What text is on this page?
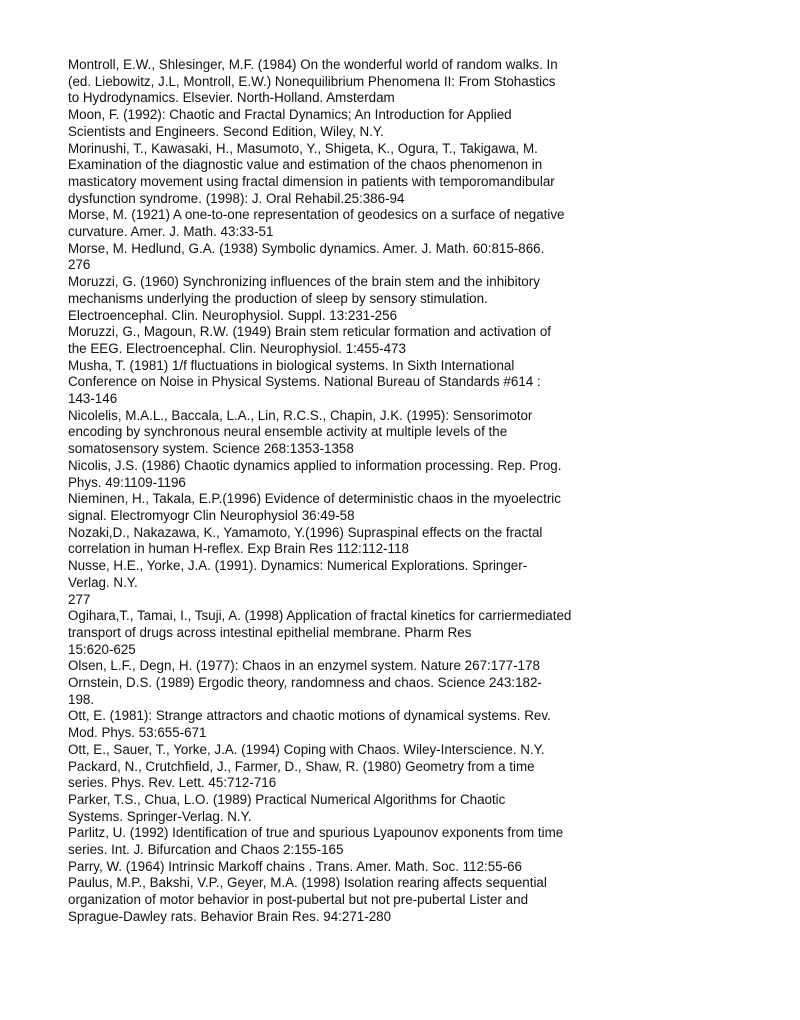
Montroll, E.W., Shlesinger, M.F. (1984) On the wonderful world of random walks. In
(ed. Liebowitz, J.L, Montroll, E.W.) Nonequilibrium Phenomena II: From Stohastics
to Hydrodynamics. Elsevier. North-Holland. Amsterdam
Moon, F. (1992): Chaotic and Fractal Dynamics; An Introduction for Applied
Scientists and Engineers. Second Edition, Wiley, N.Y.
Morinushi, T., Kawasaki, H., Masumoto, Y., Shigeta, K., Ogura, T., Takigawa, M.
Examination of the diagnostic value and estimation of the chaos phenomenon in
masticatory movement using fractal dimension in patients with temporomandibular
dysfunction syndrome. (1998): J. Oral Rehabil.25:386-94
Morse, M. (1921) A one-to-one representation of geodesics on a surface of negative
curvature. Amer. J. Math. 43:33-51
Morse, M. Hedlund, G.A. (1938) Symbolic dynamics. Amer. J. Math. 60:815-866.
276
Moruzzi, G. (1960) Synchronizing influences of the brain stem and the inhibitory
mechanisms underlying the production of sleep by sensory stimulation.
Electroencephal. Clin. Neurophysiol. Suppl. 13:231-256
Moruzzi, G., Magoun, R.W. (1949) Brain stem reticular formation and activation of
the EEG. Electroencephal. Clin. Neurophysiol. 1:455-473
Musha, T. (1981) 1/f fluctuations in biological systems. In Sixth International
Conference on Noise in Physical Systems. National Bureau of Standards #614 :
143-146
Nicolelis, M.A.L., Baccala, L.A., Lin, R.C.S., Chapin, J.K. (1995): Sensorimotor
encoding by synchronous neural ensemble activity at multiple levels of the
somatosensory system. Science 268:1353-1358
Nicolis, J.S. (1986) Chaotic dynamics applied to information processing. Rep. Prog.
Phys. 49:1109-1196
Nieminen, H., Takala, E.P.(1996) Evidence of deterministic chaos in the myoelectric
signal. Electromyogr Clin Neurophysiol 36:49-58
Nozaki,D., Nakazawa, K., Yamamoto, Y.(1996) Supraspinal effects on the fractal
correlation in human H-reflex. Exp Brain Res 112:112-118
Nusse, H.E., Yorke, J.A. (1991). Dynamics: Numerical Explorations. Springer-
Verlag. N.Y.
277
Ogihara,T., Tamai, I., Tsuji, A. (1998) Application of fractal kinetics for carriermediated
transport of drugs across intestinal epithelial membrane. Pharm Res
15:620-625
Olsen, L.F., Degn, H. (1977): Chaos in an enzymel system. Nature 267:177-178
Ornstein, D.S. (1989) Ergodic theory, randomness and chaos. Science 243:182-
198.
Ott, E. (1981): Strange attractors and chaotic motions of dynamical systems. Rev.
Mod. Phys. 53:655-671
Ott, E., Sauer, T., Yorke, J.A. (1994) Coping with Chaos. Wiley-Interscience. N.Y.
Packard, N., Crutchfield, J., Farmer, D., Shaw, R. (1980) Geometry from a time
series. Phys. Rev. Lett. 45:712-716
Parker, T.S., Chua, L.O. (1989) Practical Numerical Algorithms for Chaotic
Systems. Springer-Verlag. N.Y.
Parlitz, U. (1992) Identification of true and spurious Lyapounov exponents from time
series. Int. J. Bifurcation and Chaos 2:155-165
Parry, W. (1964) Intrinsic Markoff chains . Trans. Amer. Math. Soc. 112:55-66
Paulus, M.P., Bakshi, V.P., Geyer, M.A. (1998) Isolation rearing affects sequential
organization of motor behavior in post-pubertal but not pre-pubertal Lister and
Sprague-Dawley rats. Behavior Brain Res. 94:271-280
